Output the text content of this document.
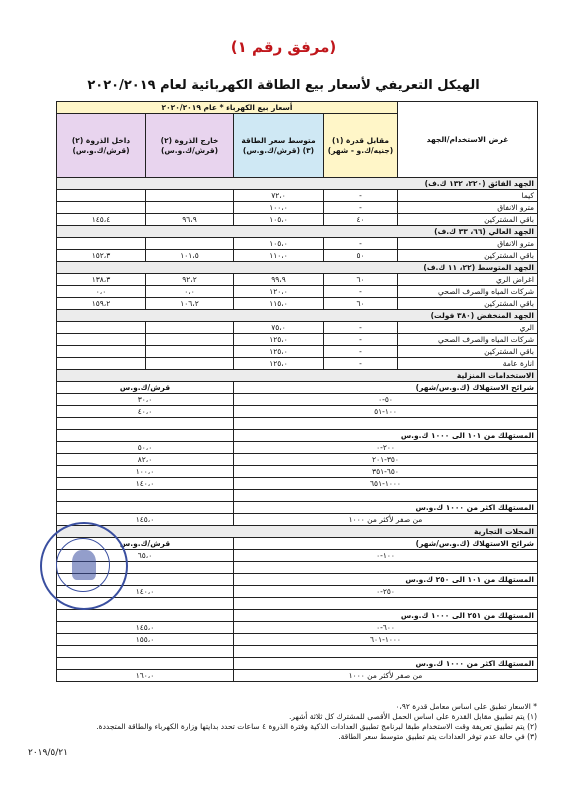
(مرفق رقم ١)
الهيكل التعريفي لأسعار بيع الطاقة الكهربائية لعام ٢٠٢٠/٢٠١٩
غرض الاستخدام/الجهد	أسعار بيع الكهرباء * عام ٢٠٢٠/٢٠١٩			
	مقابل قدرة (١) (جنيه/ك.و - شهر)	متوسط سعر الطاقة (٣) (قرش/ك.و.س)	خارج الذروة (٢) (قرش/ك.و.س)	داخل الذروة (٢) (قرش/ك.و.س)
الجهد الفائق (٢٢٠، ١٣٢ ك.ف)				
كيما	-	٧٢،٠		
مترو الانفاق	-	١٠٠،٠		
باقي المشتركين	٤٠	١٠٥،٠	٩٦،٩	١٤٥،٤
الجهد العالي (٦٦، ٣٣ ك.ف)				
مترو الانفاق	-	١٠٥،٠		
باقي المشتركين	٥٠	١١٠،٠	١٠١،٥	١٥٢،٣
الجهد المتوسط (٢٢، ١١ ك.ف)				
اغراض الري	٦٠	٩٩،٩	٩٢،٢	١٣٨،٣
شركات المياه والصرف الصحي	-	١٢٠،٠	٠،٠	٠،٠
باقي المشتركين	٦٠	١١٥،٠	١٠٦،٢	١٥٩،٢
الجهد المنخفض (٣٨٠ فولت)				
الري	-	٧٥،٠		
شركات المياه والصرف الصحي	-	١٢٥،٠		
باقي المشتركين	-	١٢٥،٠		
انارة عامة	-	١٢٥،٠		
الاستخدامات المنزلية				
شرائح الاستهلاك (ك.و.س/شهر)			قرش/ك.و.س	
٥٠-٠			٣٠،٠	
١٠٠-٥١			٤٠،٠	

المستهلك من ١٠١ الى ١٠٠٠ ك.و.س				
٢٠٠-٠			٥٠،٠	
٣٥٠-٢٠١			٨٢،٠	
٦٥٠-٣٥١			١٠٠،٠	
١٠٠٠-٦٥١			١٤٠،٠	

المستهلك اكثر من ١٠٠٠ ك.و.س				
من صفر لأكثر من ١٠٠٠			١٤٥،٠	
المحلات التجارية				
شرائح الاستهلاك (ك.و.س/شهر)			قرش/ك.و.س	
١٠٠-٠			٦٥،٠	

المستهلك من ١٠١ الى ٢٥٠ ك.و.س				
٢٥٠-٠			١٤٠،٠	

المستهلك من ٢٥١ الى ١٠٠٠ ك.و.س				
٦٠٠-٠			١٤٥،٠	
١٠٠٠-٦٠١			١٥٥،٠	

المستهلك اكثر من ١٠٠٠ ك.و.س				
من صفر لأكثر من ١٠٠٠			١٦٠،٠	
* الاسعار تطبق على اساس معامل قدرة ٠،٩٢
(١) يتم تطبيق مقابل القدرة على اساس الحمل الأقصى للمشترك كل ثلاثة أشهر.
(٢) يتم تطبيق تعريفة وقت الاستخدام طبقا لبرنامج تطبيق العدادات الذكية وفترة الذروة ٤ ساعات تحدد بدايتها وزارة الكهرباء والطاقة المتجددة.
(٣) في حالة عدم توفر العدادات يتم تطبيق متوسط سعر الطاقة.
٢٠١٩/٥/٢١
